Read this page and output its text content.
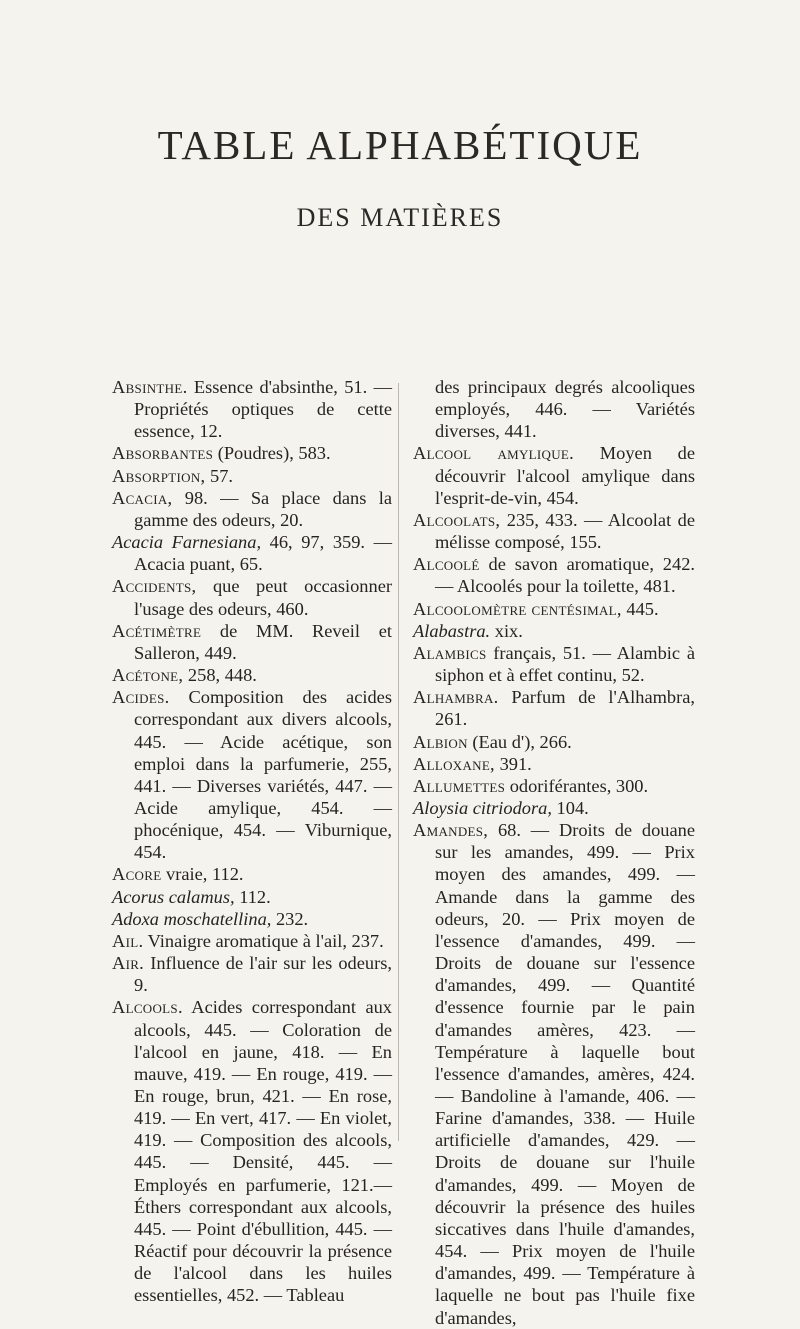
TABLE ALPHABÉTIQUE
DES MATIÈRES

Absinthe. Essence d'absinthe, 51. — Propriétés optiques de cette essence, 12.

Absorbantes (Poudres), 583.

Absorption, 57.

Acacia, 98. — Sa place dans la gamme des odeurs, 20.

Acacia Farnesiana, 46, 97, 359. — Acacia puant, 65.

Accidents, que peut occasionner l'usage des odeurs, 460.

Acétimètre de MM. Reveil et Salleron, 449.

Acétone, 258, 448.

Acides. Composition des acides correspondant aux divers alcools, 445. — Acide acétique, son emploi dans la parfumerie, 255, 441. — Diverses variétés, 447. — Acide amylique, 454. — phocénique, 454. — Viburnique, 454.

Acore vraie, 112.

Acorus calamus, 112.

Adoxa moschatellina, 232.

Ail. Vinaigre aromatique à l'ail, 237.

Air. Influence de l'air sur les odeurs, 9.

Alcools. Acides correspondant aux alcools, 445. — Coloration de l'alcool en jaune, 418. — En mauve, 419. — En rouge, 419. — En rouge, brun, 421. — En rose, 419. — En vert, 417. — En violet, 419. — Composition des alcools, 445. — Densité, 445. — Employés en parfumerie, 121.— Éthers correspondant aux alcools, 445. — Point d'ébullition, 445. — Réactif pour découvrir la présence de l'alcool dans les huiles essentielles, 452. — Tableau

des principaux degrés alcooliques employés, 446. — Variétés diverses, 441.

Alcool amylique. Moyen de découvrir l'alcool amylique dans l'esprit-de-vin, 454.

Alcoolats, 235, 433. — Alcoolat de mélisse composé, 155.

Alcoolé de savon aromatique, 242.— Alcoolés pour la toilette, 481.

Alcoolomètre centésimal, 445.

Alabastra. xix.

Alambics français, 51. — Alambic à siphon et à effet continu, 52.

Alhambra. Parfum de l'Alhambra, 261.

Albion (Eau d'), 266.

Alloxane, 391.

Allumettes odoriférantes, 300.

Aloysia citriodora, 104.

Amandes, 68. — Droits de douane sur les amandes, 499. — Prix moyen des amandes, 499. — Amande dans la gamme des odeurs, 20. — Prix moyen de l'essence d'amandes, 499. — Droits de douane sur l'essence d'amandes, 499. — Quantité d'essence fournie par le pain d'amandes amères, 423. — Température à laquelle bout l'essence d'amandes, amères, 424. — Bandoline à l'amande, 406. — Farine d'amandes, 338. — Huile artificielle d'amandes, 429. — Droits de douane sur l'huile d'amandes, 499. — Moyen de découvrir la présence des huiles siccatives dans l'huile d'amandes, 454. — Prix moyen de l'huile d'amandes, 499. — Température à laquelle ne bout pas l'huile fixe d'amandes,
